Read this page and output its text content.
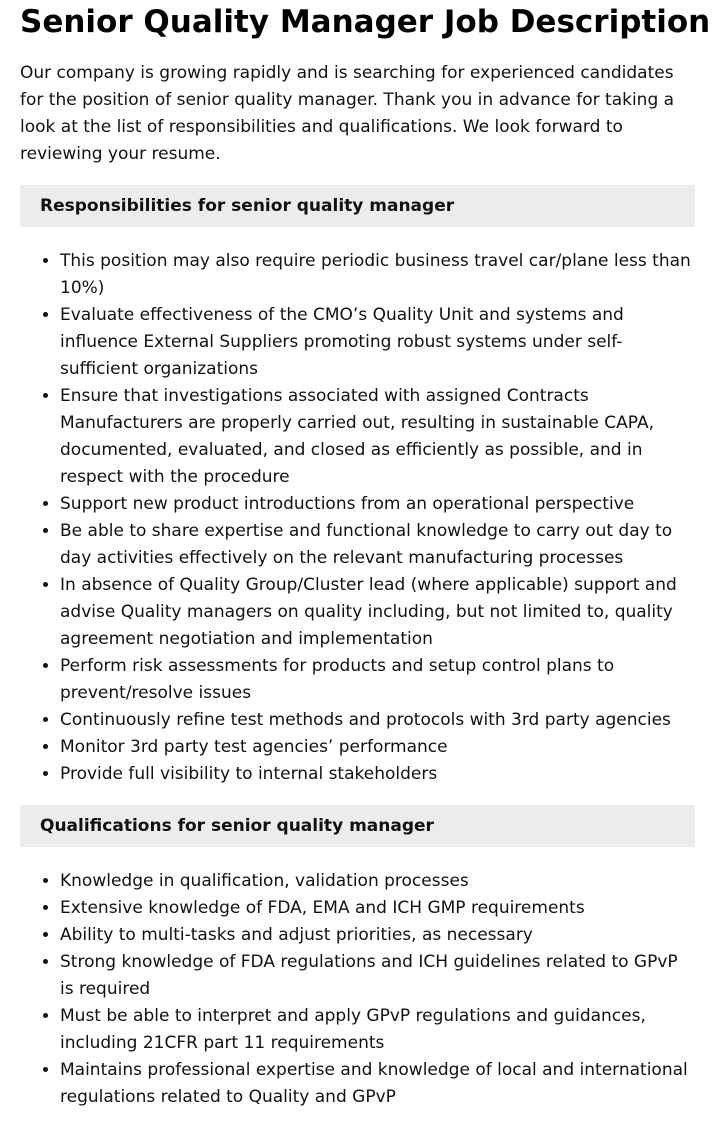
Senior Quality Manager Job Description

Our company is growing rapidly and is searching for experienced candidates for the position of senior quality manager. Thank you in advance for taking a look at the list of responsibilities and qualifications. We look forward to reviewing your resume.

Responsibilities for senior quality manager
• This position may also require periodic business travel car/plane less than 10%)
• Evaluate effectiveness of the CMO’s Quality Unit and systems and influence External Suppliers promoting robust systems under self-sufficient organizations
• Ensure that investigations associated with assigned Contracts Manufacturers are properly carried out, resulting in sustainable CAPA, documented, evaluated, and closed as efficiently as possible, and in respect with the procedure
• Support new product introductions from an operational perspective
• Be able to share expertise and functional knowledge to carry out day to day activities effectively on the relevant manufacturing processes
• In absence of Quality Group/Cluster lead (where applicable) support and advise Quality managers on quality including, but not limited to, quality agreement negotiation and implementation
• Perform risk assessments for products and setup control plans to prevent/resolve issues
• Continuously refine test methods and protocols with 3rd party agencies
• Monitor 3rd party test agencies’ performance
• Provide full visibility to internal stakeholders
Qualifications for senior quality manager
• Knowledge in qualification, validation processes
• Extensive knowledge of FDA, EMA and ICH GMP requirements
• Ability to multi-tasks and adjust priorities, as necessary
• Strong knowledge of FDA regulations and ICH guidelines related to GPvP is required
• Must be able to interpret and apply GPvP regulations and guidances, including 21CFR part 11 requirements
• Maintains professional expertise and knowledge of local and international regulations related to Quality and GPvP
